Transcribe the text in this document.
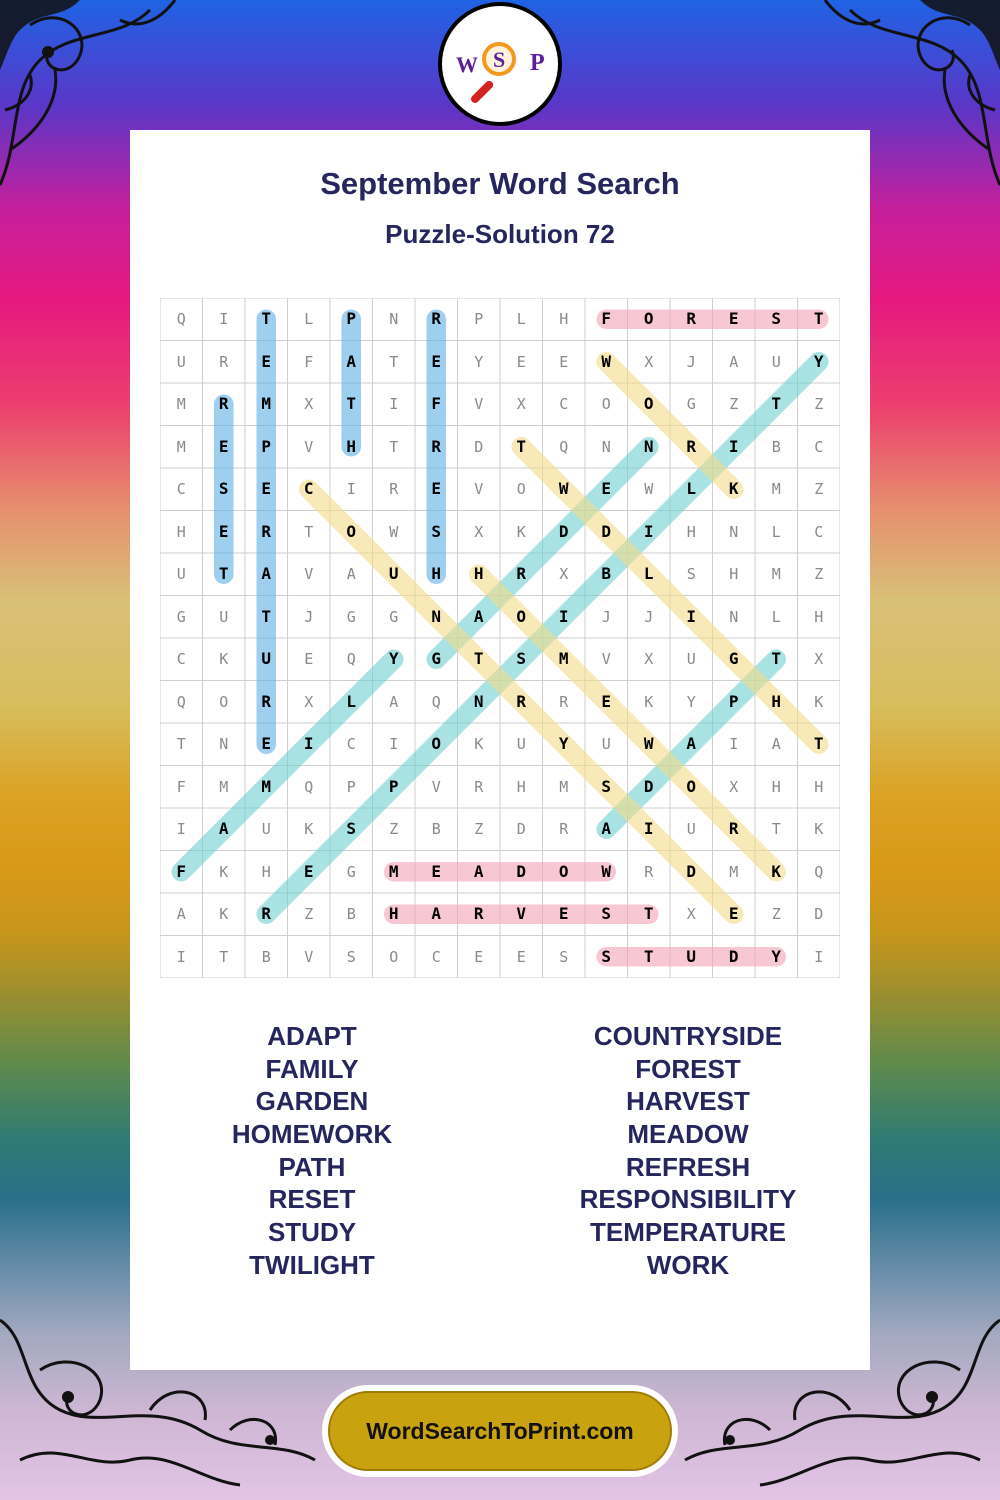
W S P
September Word Search
Puzzle-Solution 72
Q	I	T	L	P	N	R	P	L	H	F	O	R	E	S	T
U	R	E	F	A	T	E	Y	E	E	W	X	J	A	U	Y
M	R	M	X	T	I	F	V	X	C	O	O	G	Z	T	Z
M	E	P	V	H	T	R	D	T	Q	N	N	R	I	B	C
C	S	E	C	I	R	E	V	O	W	E	W	L	K	M	Z
H	E	R	T	O	W	S	X	K	D	D	I	H	N	L	C
U	T	A	V	A	U	H	H	R	X	B	L	S	H	M	Z
G	U	T	J	G	G	N	A	O	I	J	J	I	N	L	H
C	K	U	E	Q	Y	G	T	S	M	V	X	U	G	T	X
Q	O	R	X	L	A	Q	N	R	R	E	K	Y	P	H	K
T	N	E	I	C	I	O	K	U	Y	U	W	A	I	A	T
F	M	M	Q	P	P	V	R	H	M	S	D	O	X	H	H
I	A	U	K	S	Z	B	Z	D	R	A	I	U	R	T	K
F	K	H	E	G	M	E	A	D	O	W	R	D	M	K	Q
A	K	R	Z	B	H	A	R	V	E	S	T	X	E	Z	D
I	T	B	V	S	O	C	E	E	S	S	T	U	D	Y	I
ADAPT
FAMILY
GARDEN
HOMEWORK
PATH
RESET
STUDY
TWILIGHT
COUNTRYSIDE
FOREST
HARVEST
MEADOW
REFRESH
RESPONSIBILITY
TEMPERATURE
WORK
WordSearchToPrint.com
